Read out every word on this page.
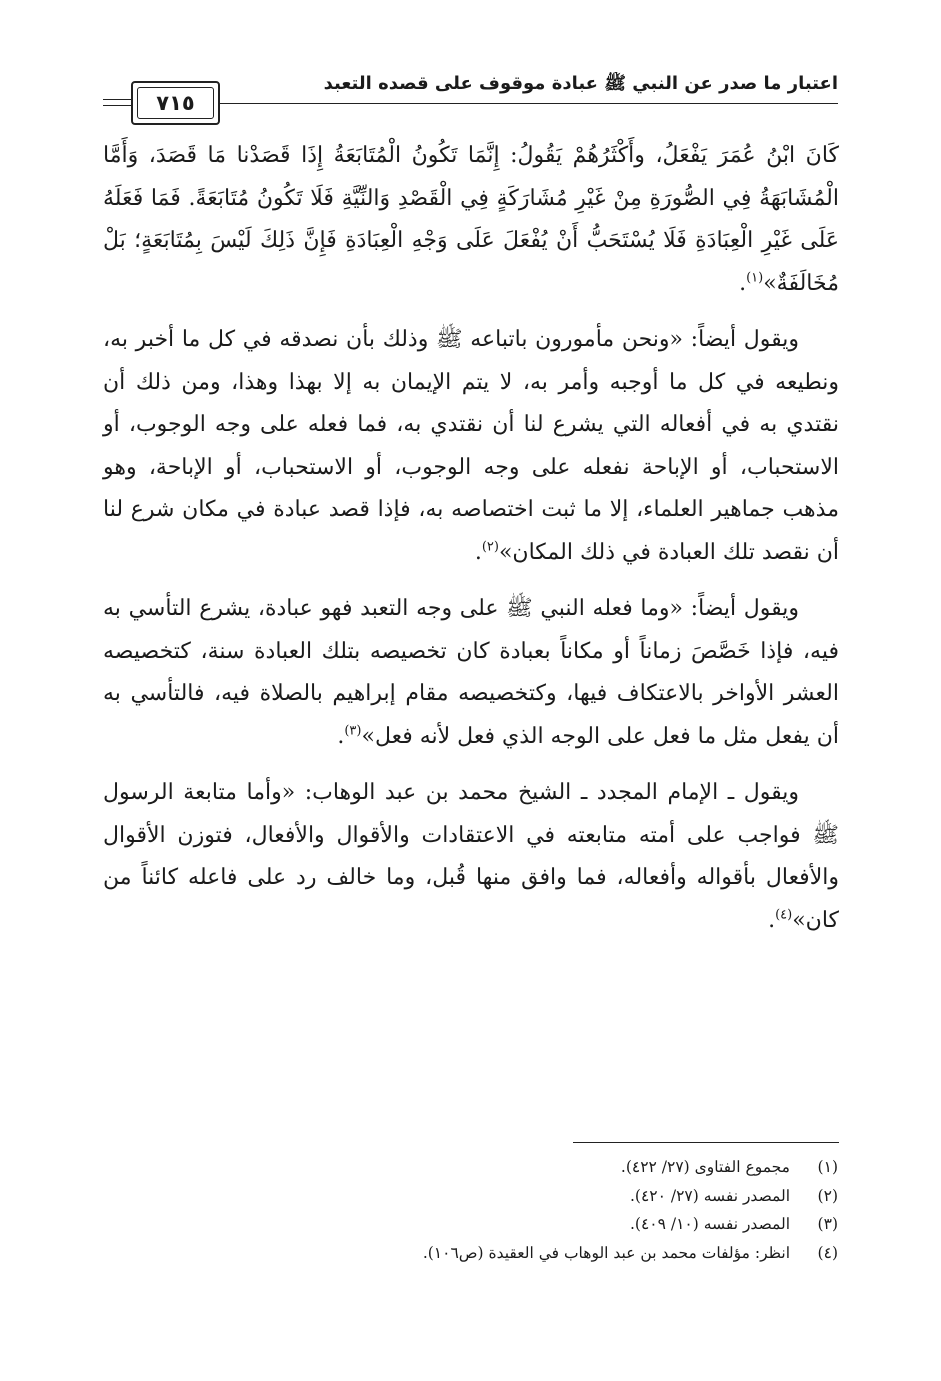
اعتبار ما صدر عن النبي ﷺ عبادة موقوف على قصده التعبد
٧١٥

كَانَ ابْنُ عُمَرَ يَفْعَلُ، وأَكْثَرُهُمْ يَقُولُ: إِنَّمَا تَكُونُ الْمُتَابَعَةُ إِذَا قَصَدْنا مَا قَصَدَ، وَأَمَّا الْمُشَابَهَةُ فِي الصُّورَةِ مِنْ غَيْرِ مُشَارَكَةٍ فِي الْقَصْدِ وَالنِّيَّةِ فَلَا تَكُونُ مُتَابَعَةً. فَمَا فَعَلَهُ عَلَى غَيْرِ الْعِبَادَةِ فَلَا يُسْتَحَبُّ أَنْ يُفْعَلَ عَلَى وَجْهِ الْعِبَادَةِ فَإِنَّ ذَلِكَ لَيْسَ بِمُتَابَعَةٍ؛ بَلْ مُخَالَفَةٌ»$^{(١)}$.

ويقول أيضاً: «ونحن مأمورون باتباعه ﷺ وذلك بأن نصدقه في كل ما أخبر به، ونطيعه في كل ما أوجبه وأمر به، لا يتم الإيمان به إلا بهذا وهذا، ومن ذلك أن نقتدي به في أفعاله التي يشرع لنا أن نقتدي به، فما فعله على وجه الوجوب، أو الاستحباب، أو الإباحة نفعله على وجه الوجوب، أو الاستحباب، أو الإباحة، وهو مذهب جماهير العلماء، إلا ما ثبت اختصاصه به، فإذا قصد عبادة في مكان شرع لنا أن نقصد تلك العبادة في ذلك المكان»$^{(٢)}$.

ويقول أيضاً: «وما فعله النبي ﷺ على وجه التعبد فهو عبادة، يشرع التأسي به فيه، فإذا خَصَّصَ زماناً أو مكاناً بعبادة كان تخصيصه بتلك العبادة سنة، كتخصيصه العشر الأواخر بالاعتكاف فيها، وكتخصيصه مقام إبراهيم بالصلاة فيه، فالتأسي به أن يفعل مثل ما فعل على الوجه الذي فعل لأنه فعل»$^{(٣)}$.

ويقول ـ الإمام المجدد ـ الشيخ محمد بن عبد الوهاب: «وأما متابعة الرسول ﷺ فواجب على أمته متابعته في الاعتقادات والأقوال والأفعال، فتوزن الأقوال والأفعال بأقواله وأفعاله، فما وافق منها قُبل، وما خالف رد على فاعله كائناً من كان»$^{(٤)}$.

(١)
مجموع الفتاوى (٢٧/ ٤٢٢).
(٢)
المصدر نفسه (٢٧/ ٤٢٠).
(٣)
المصدر نفسه (١٠/ ٤٠٩).
(٤)
انظر: مؤلفات محمد بن عبد الوهاب في العقيدة (ص١٠٦).
